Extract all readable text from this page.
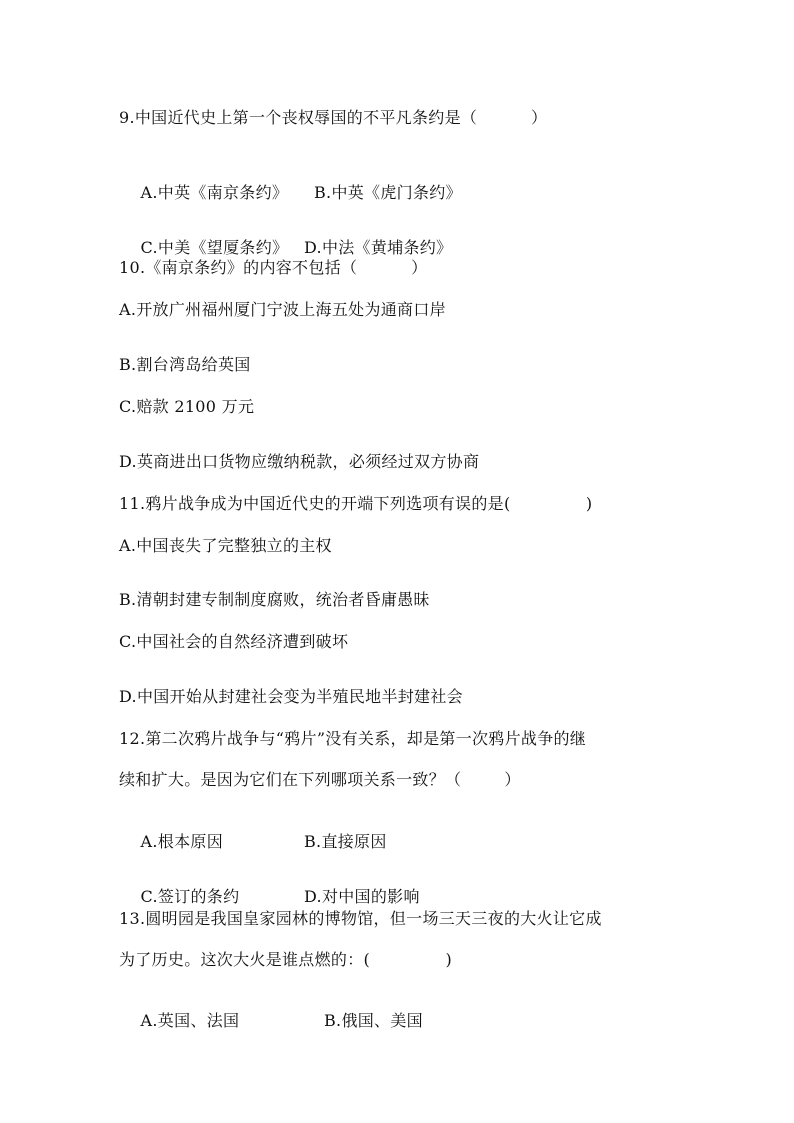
9.中国近代史上第一个丧权辱国的不平凡条约是（          ）

A.中英《南京条约》 B.中英《虎门条约》

C.中美《望厦条约》 D.中法《黄埔条约》

10.《南京条约》的内容不包括（          ）
A.开放广州福州厦门宁波上海五处为通商口岸
B.割台湾岛给英国
C.赔款 2100 万元
D.英商进出口货物应缴纳税款，必须经过双方协商
11.鸦片战争成为中国近代史的开端下列选项有误的是(              )
A.中国丧失了完整独立的主权
B.清朝封建专制制度腐败，统治者昏庸愚昧
C.中国社会的自然经济遭到破坏
D.中国开始从封建社会变为半殖民地半封建社会
12.第二次鸦片战争与“鸦片”没有关系，却是第一次鸦片战争的继
续和扩大。是因为它们在下列哪项关系一致？（        ）

A.根本原因	B.直接原因

C.签订的条约	D.对中国的影响

13.圆明园是我国皇家园林的博物馆，但一场三天三夜的大火让它成
为了历史。这次大火是谁点燃的：(              )

A.英国、法国	B.俄国、美国
